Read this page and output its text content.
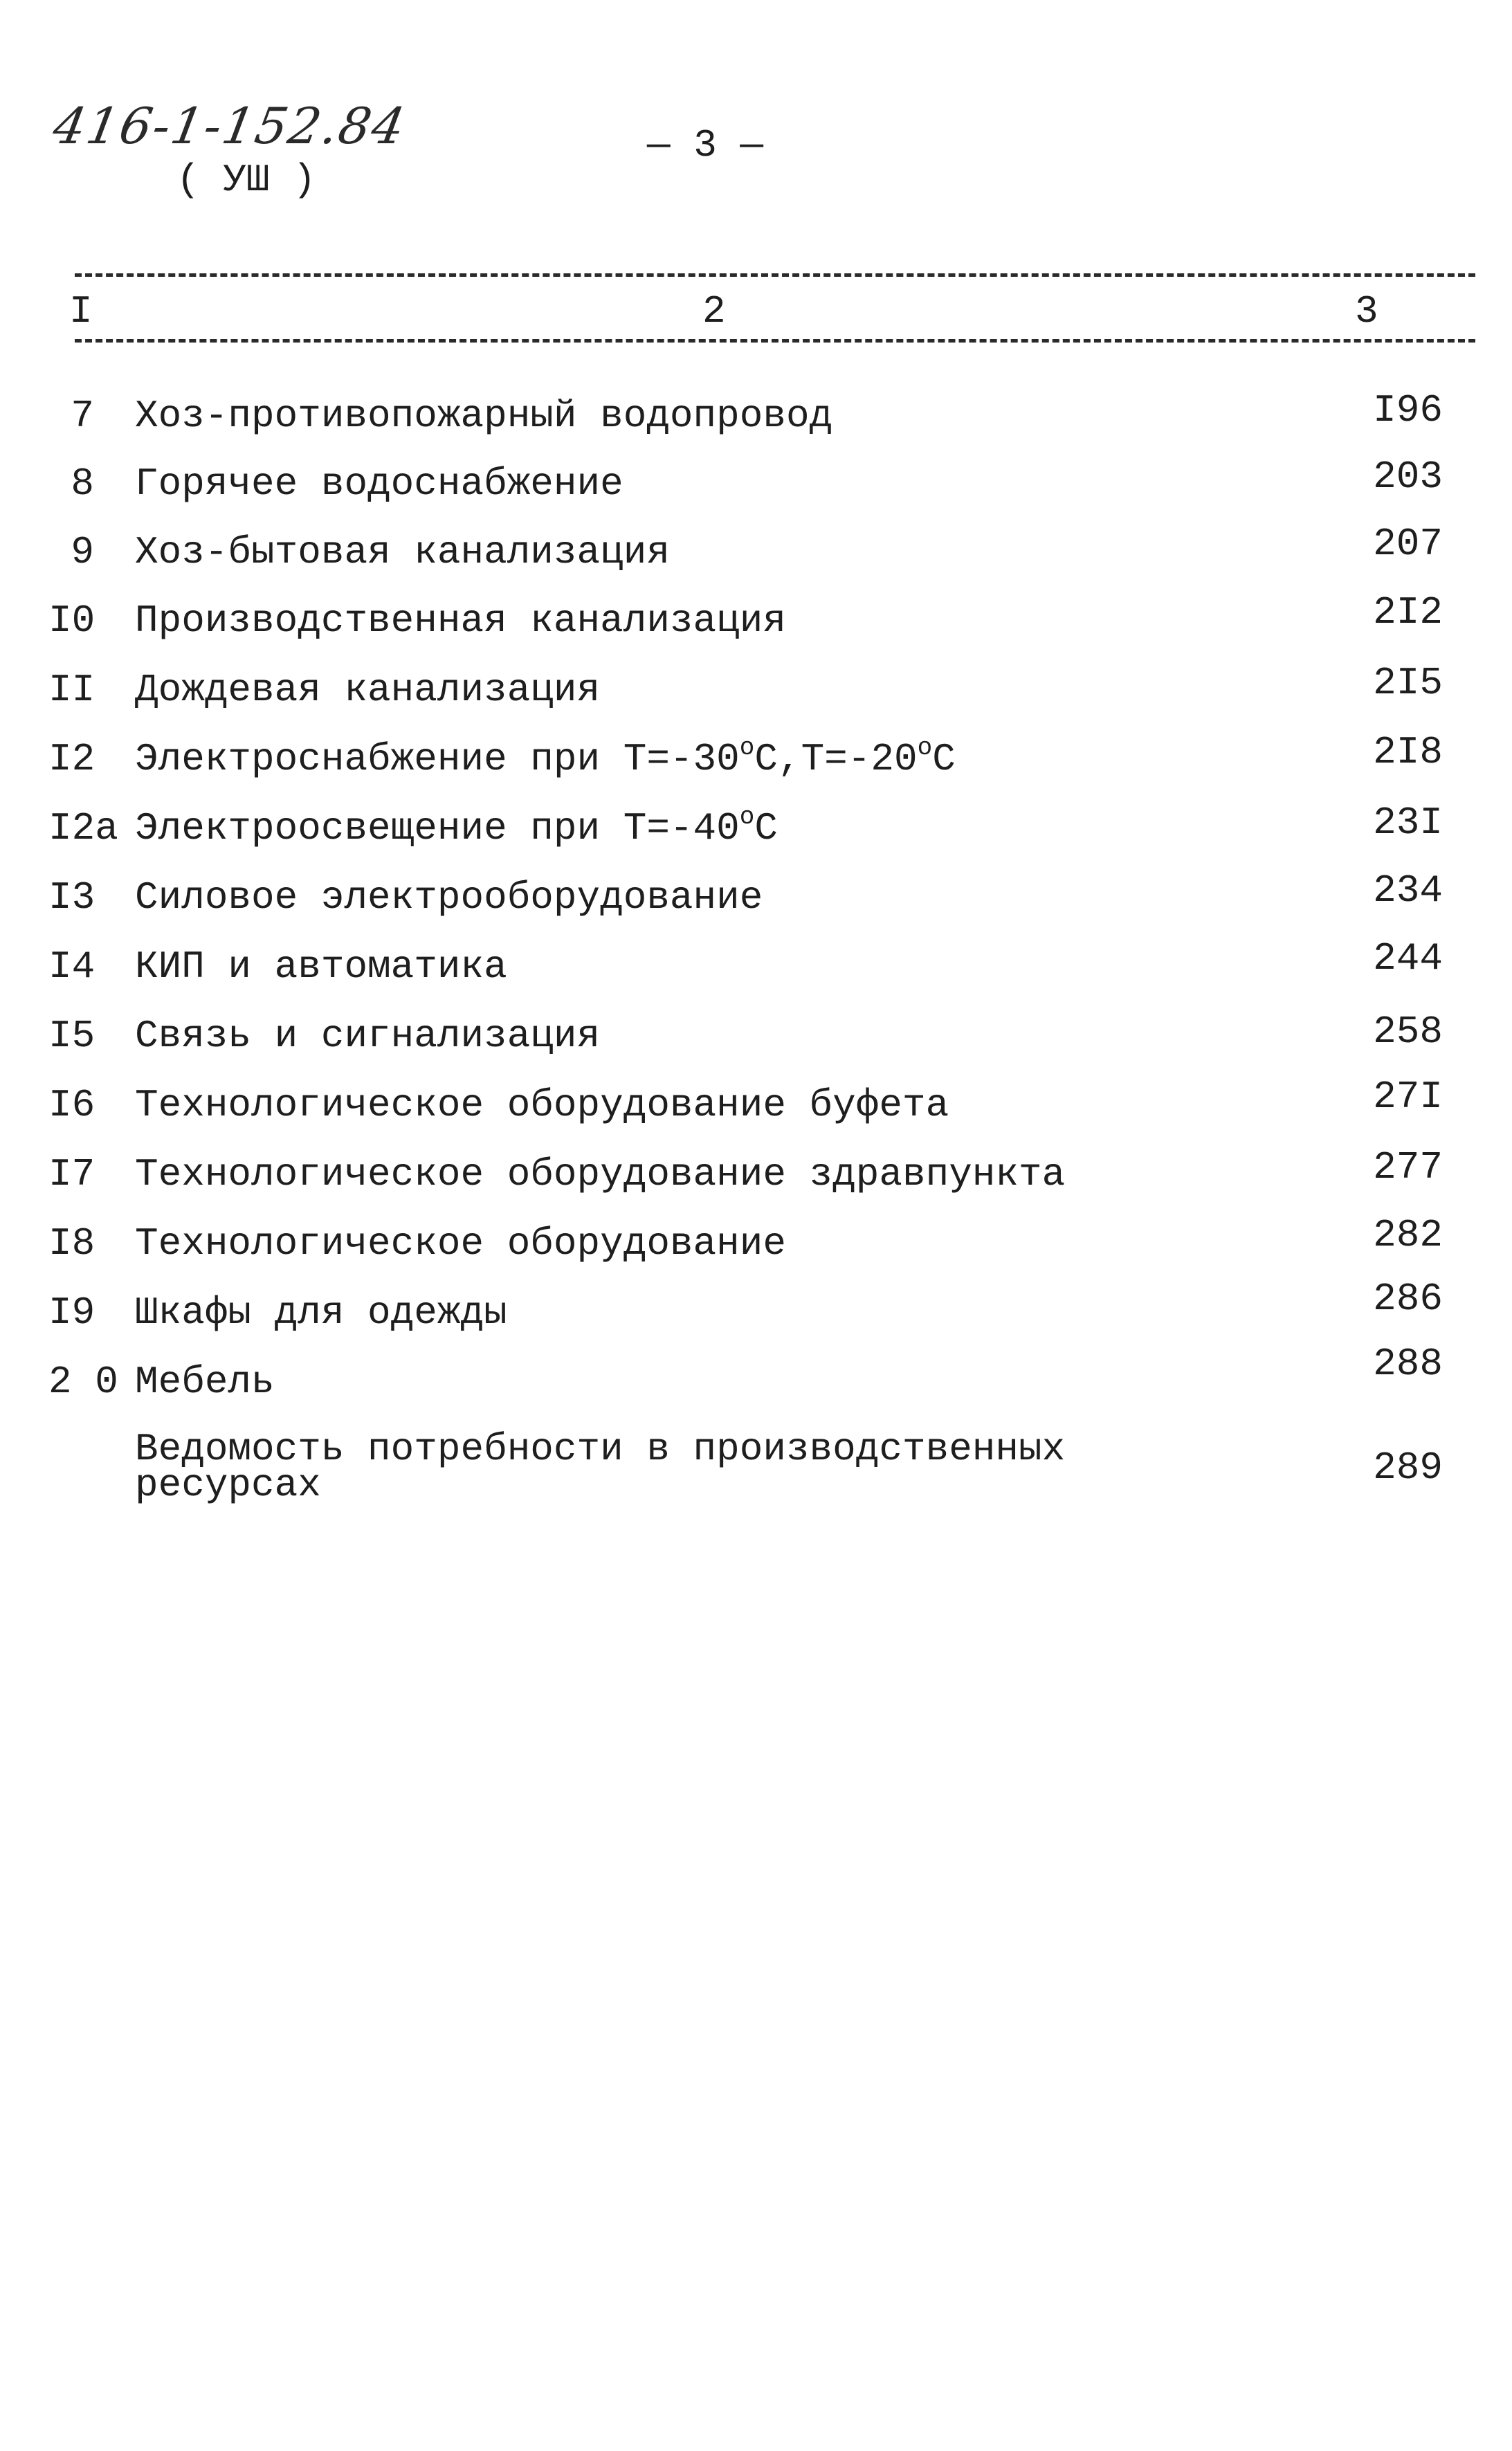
416-1-152.84
( УШ )
— 3 —
I	2	3
7 Хоз-противопожарный водопровод	I96
8 Горячее водоснабжение	203
9 Хоз-бытовая канализация	207
I0	Производственная канализация	2I2
II	Дождевая канализация	2I5
I2	Электроснабжение при $Т=-30^оС,Т=-20^оС$	2I8
I2а Электроосвещение при $Т=-40^оС$	23I
I3	Силовое электрооборудование	234
I4	КИП и автоматика	244
I5	Связь и сигнализация	258
I6	Технологическое оборудование буфета	27I
I7	Технологическое оборудование здравпункта	277
I8	Технологическое оборудование	282
I9	Шкафы для одежды	286
2 0 Мебель	288
Ведомость потребности в производственных
ресурсах	289
